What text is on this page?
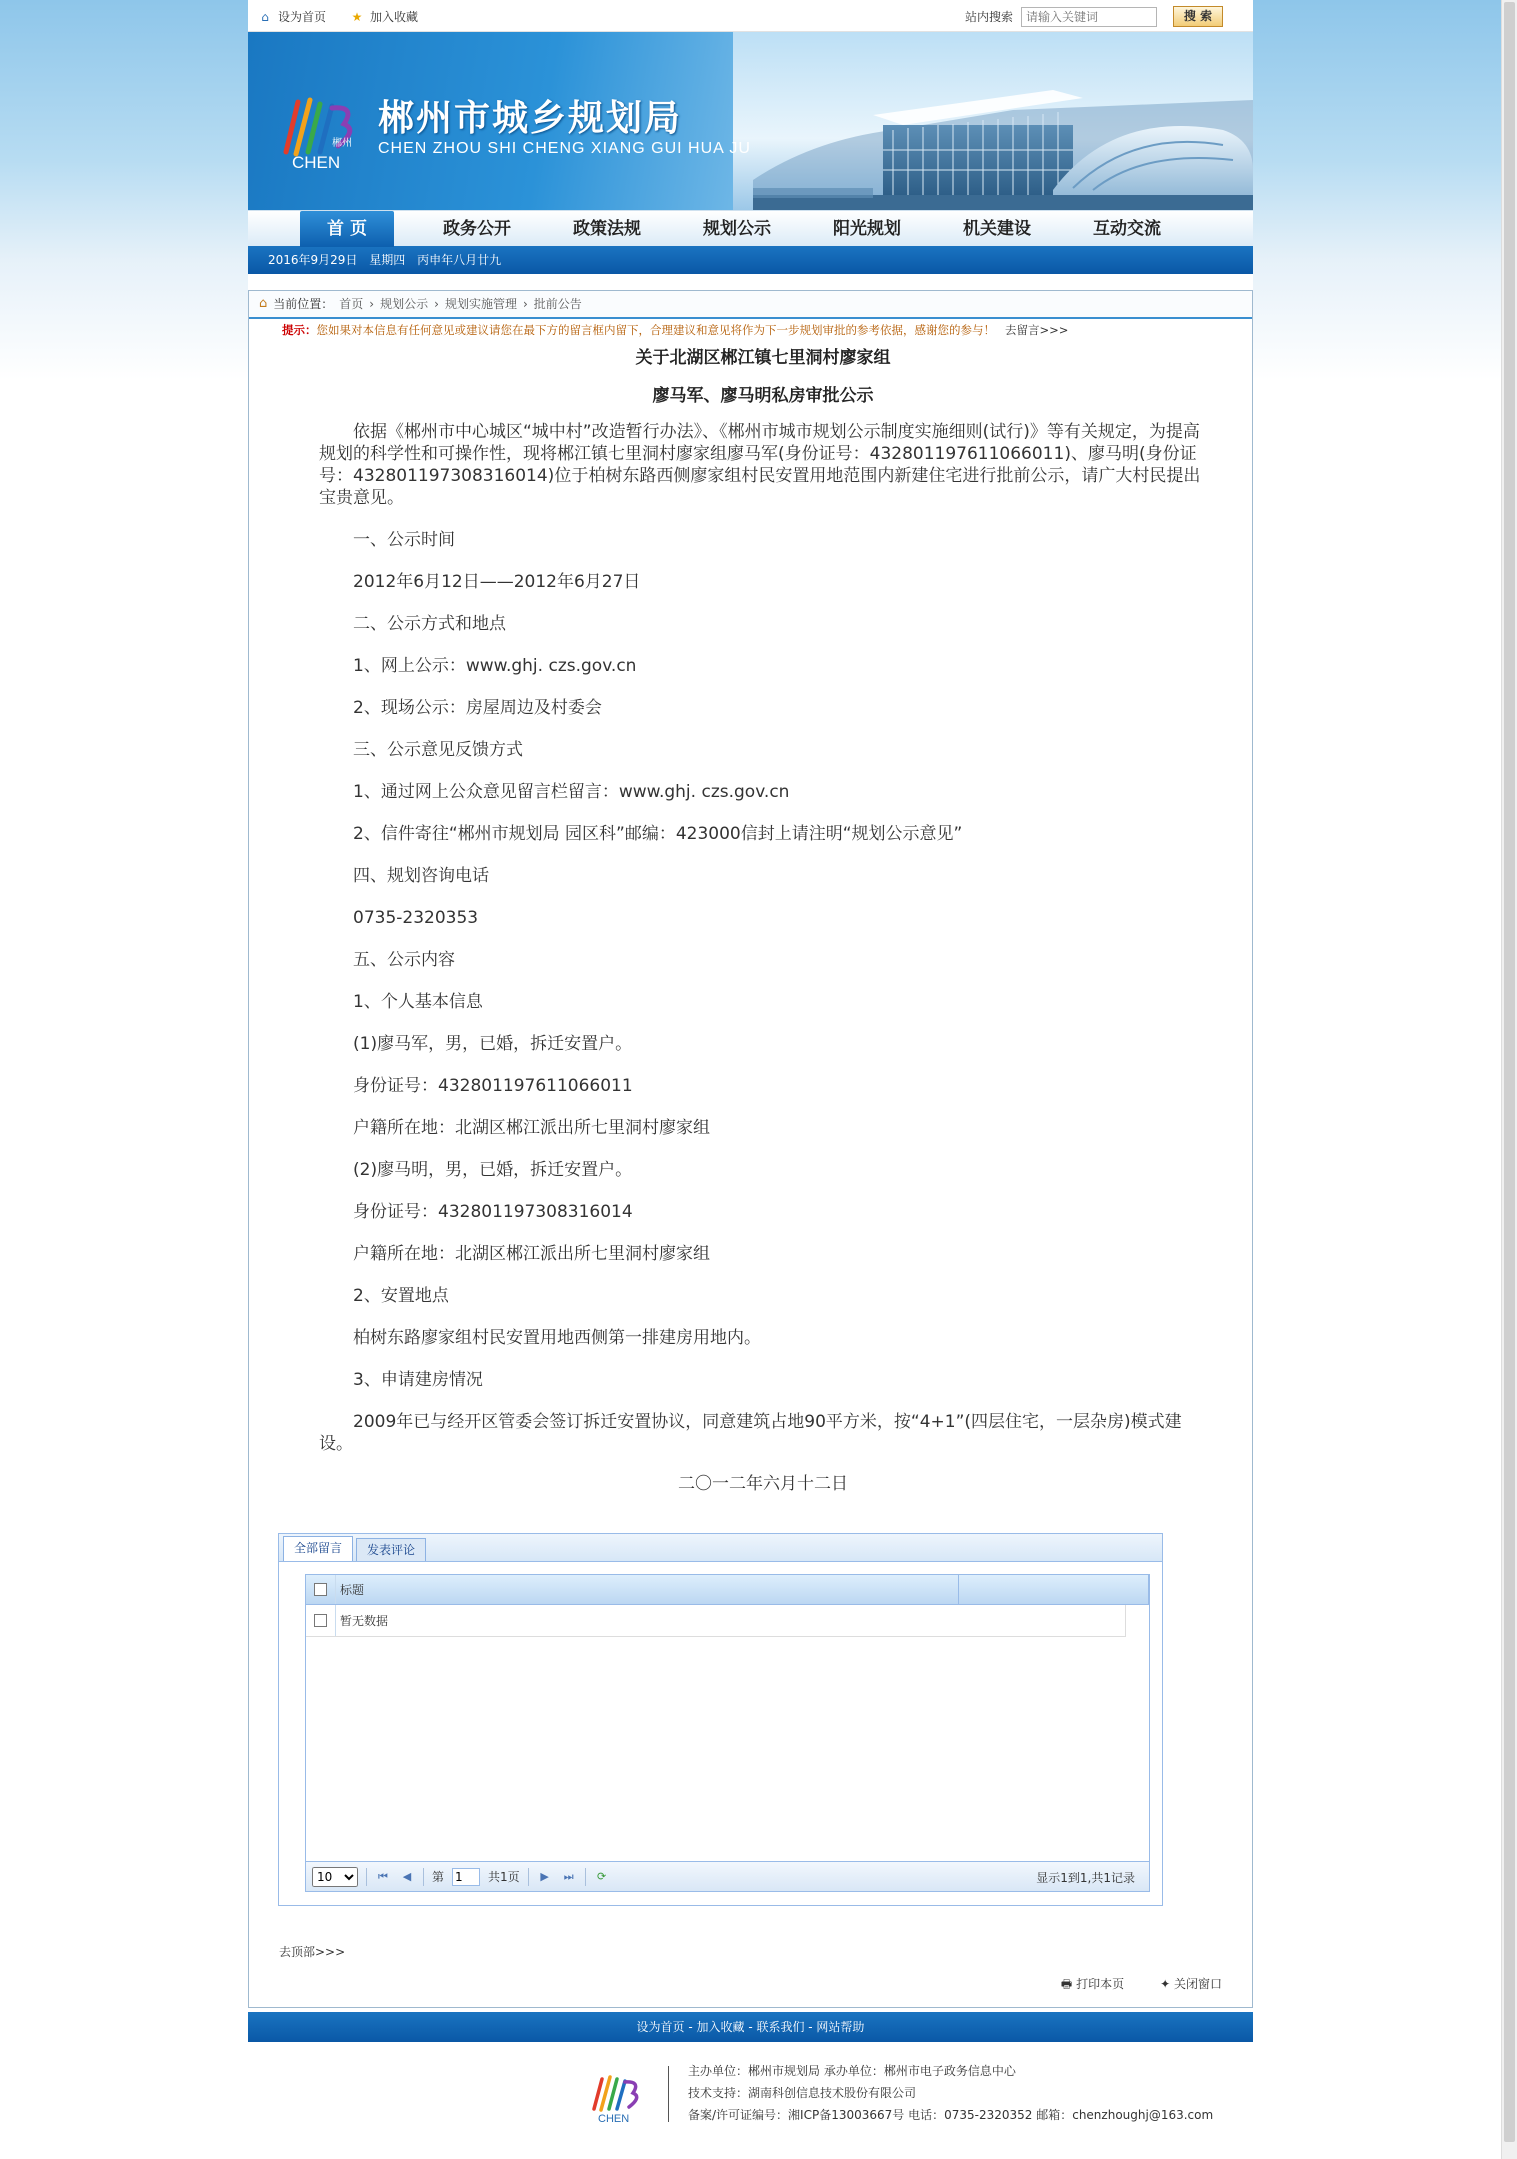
⌂ 设为首页 ★ 加入收藏	站内搜索
请输入关键词	搜 索
郴州
CHEN
郴州市城乡规划局
CHEN ZHOU SHI CHENG XIANG GUI HUA JU
首 页	政务公开	政策法规	规划公示	阳光规划	机关建设	互动交流
2016年9月29日 星期四 丙申年八月廿九
⌂ 当前位置： 首页 › 规划公示 › 规划实施管理 › 批前公告
提示：您如果对本信息有任何意见或建议请您在最下方的留言框内留下，合理建议和意见将作为下一步规划审批的参考依据，感谢您的参与！ 去留言>>>
关于北湖区郴江镇七里洞村廖家组
廖马军、廖马明私房审批公示

依据《郴州市中心城区“城中村”改造暂行办法》、《郴州市城市规划公示制度实施细则(试行)》等有关规定，为提高规划的科学性和可操作性，现将郴江镇七里洞村廖家组廖马军(身份证号：432801197611066011)、廖马明(身份证号：432801197308316014)位于柏树东路西侧廖家组村民安置用地范围内新建住宅进行批前公示，请广大村民提出宝贵意见。

一、公示时间

2012年6月12日——2012年6月27日

二、公示方式和地点

1、网上公示：www.ghj. czs.gov.cn

2、现场公示：房屋周边及村委会

三、公示意见反馈方式

1、通过网上公众意见留言栏留言：www.ghj. czs.gov.cn

2、信件寄往“郴州市规划局 园区科”邮编：423000信封上请注明“规划公示意见”

四、规划咨询电话

0735-2320353

五、公示内容

1、个人基本信息

(1)廖马军，男，已婚，拆迁安置户。

身份证号：432801197611066011

户籍所在地：北湖区郴江派出所七里洞村廖家组

(2)廖马明，男，已婚，拆迁安置户。

身份证号：432801197308316014

户籍所在地：北湖区郴江派出所七里洞村廖家组

2、安置地点

柏树东路廖家组村民安置用地西侧第一排建房用地内。

3、申请建房情况

2009年已与经开区管委会签订拆迁安置协议，同意建筑占地90平方米，按“4+1”(四层住宅，一层杂房)模式建设。

二〇一二年六月十二日

全部留言	发表评论
标题
暂无数据
10
⏮	◀	第
1	共1页	▶	⏭	⟳	显示1到1,共1记录
去顶部>>>
🖶 打印本页	✦ 关闭窗口
设为首页 - 加入收藏 - 联系我们 - 网站帮助
CHEN
主办单位：郴州市规划局 承办单位：郴州市电子政务信息中心
技术支持：湖南科创信息技术股份有限公司
备案/许可证编号：湘ICP备13003667号 电话：0735-2320352 邮箱：chenzhoughj@163.com
